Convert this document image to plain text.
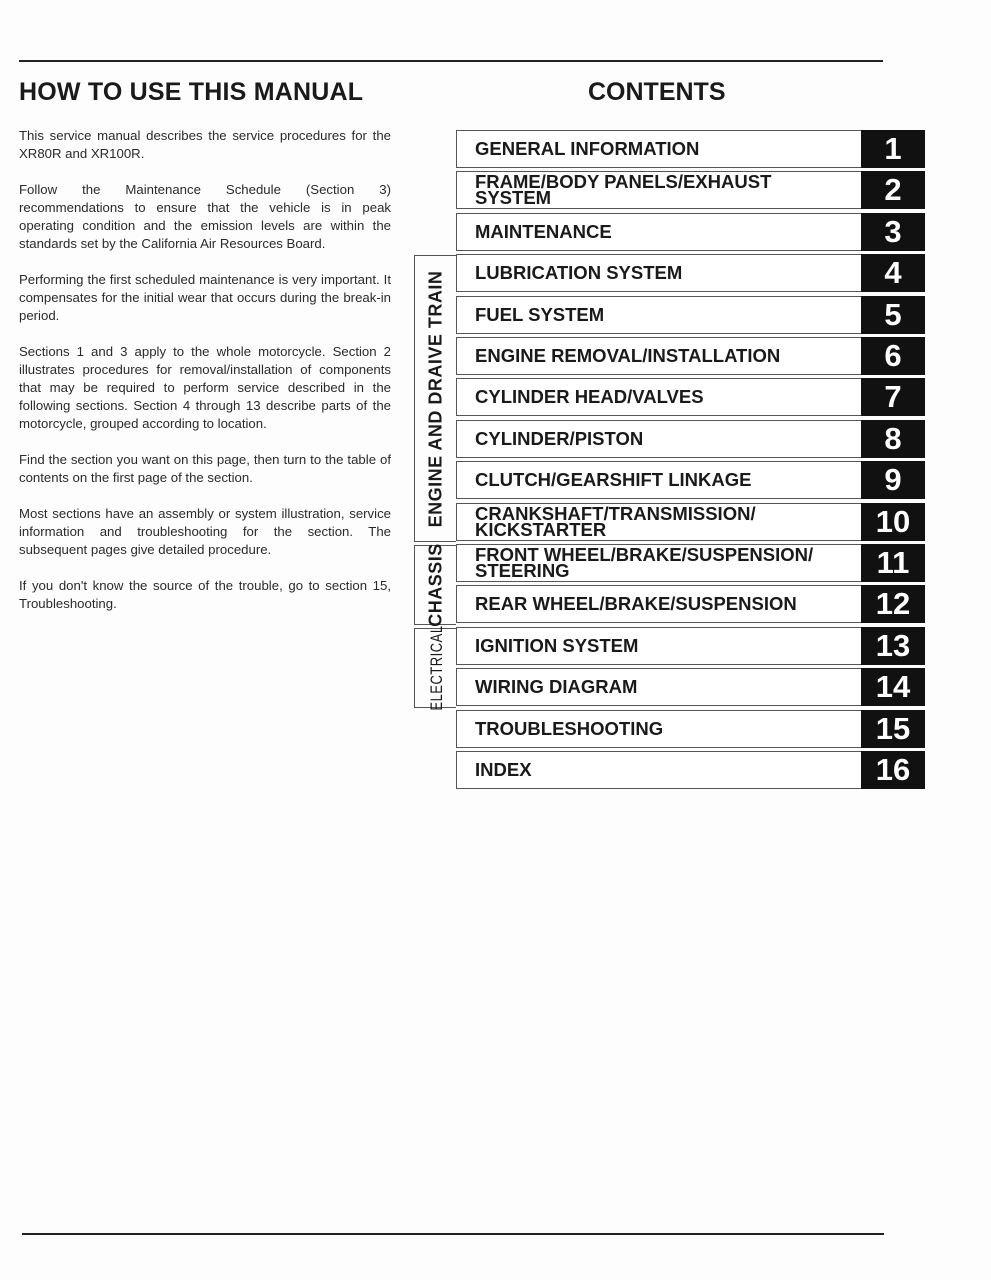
HOW TO USE THIS MANUAL	CONTENTS

This service manual describes the service procedures for the XR80R and XR100R.

Follow the Maintenance Schedule (Section 3) recommendations to ensure that the vehicle is in peak operating condition and the emission levels are within the standards set by the California Air Resources Board.

Performing the first scheduled maintenance is very important. It compensates for the initial wear that occurs during the break-in period.

Sections 1 and 3 apply to the whole motorcycle. Section 2 illustrates procedures for removal/installation of components that may be required to perform service described in the following sections. Section 4 through 13 describe parts of the motorcycle, grouped according to location.

Find the section you want on this page, then turn to the table of contents on the first page of the section.

Most sections have an assembly or system illustration, service information and troubleshooting for the section. The subsequent pages give detailed procedure.

If you don't know the source of the trouble, go to section 15, Troubleshooting.

ENGINE AND DRAIVE TRAIN
CHASSIS
ELECTRICAL
GENERAL INFORMATION	1
FRAME/BODY PANELS/EXHAUST SYSTEM	2
MAINTENANCE	3
LUBRICATION SYSTEM	4
FUEL SYSTEM	5
ENGINE REMOVAL/INSTALLATION	6
CYLINDER HEAD/VALVES	7
CYLINDER/PISTON	8
CLUTCH/GEARSHIFT LINKAGE	9
CRANKSHAFT/TRANSMISSION/ KICKSTARTER	10
FRONT WHEEL/BRAKE/SUSPENSION/ STEERING	11
REAR WHEEL/BRAKE/SUSPENSION	12
IGNITION SYSTEM	13
WIRING DIAGRAM	14
TROUBLESHOOTING	15
INDEX	16
